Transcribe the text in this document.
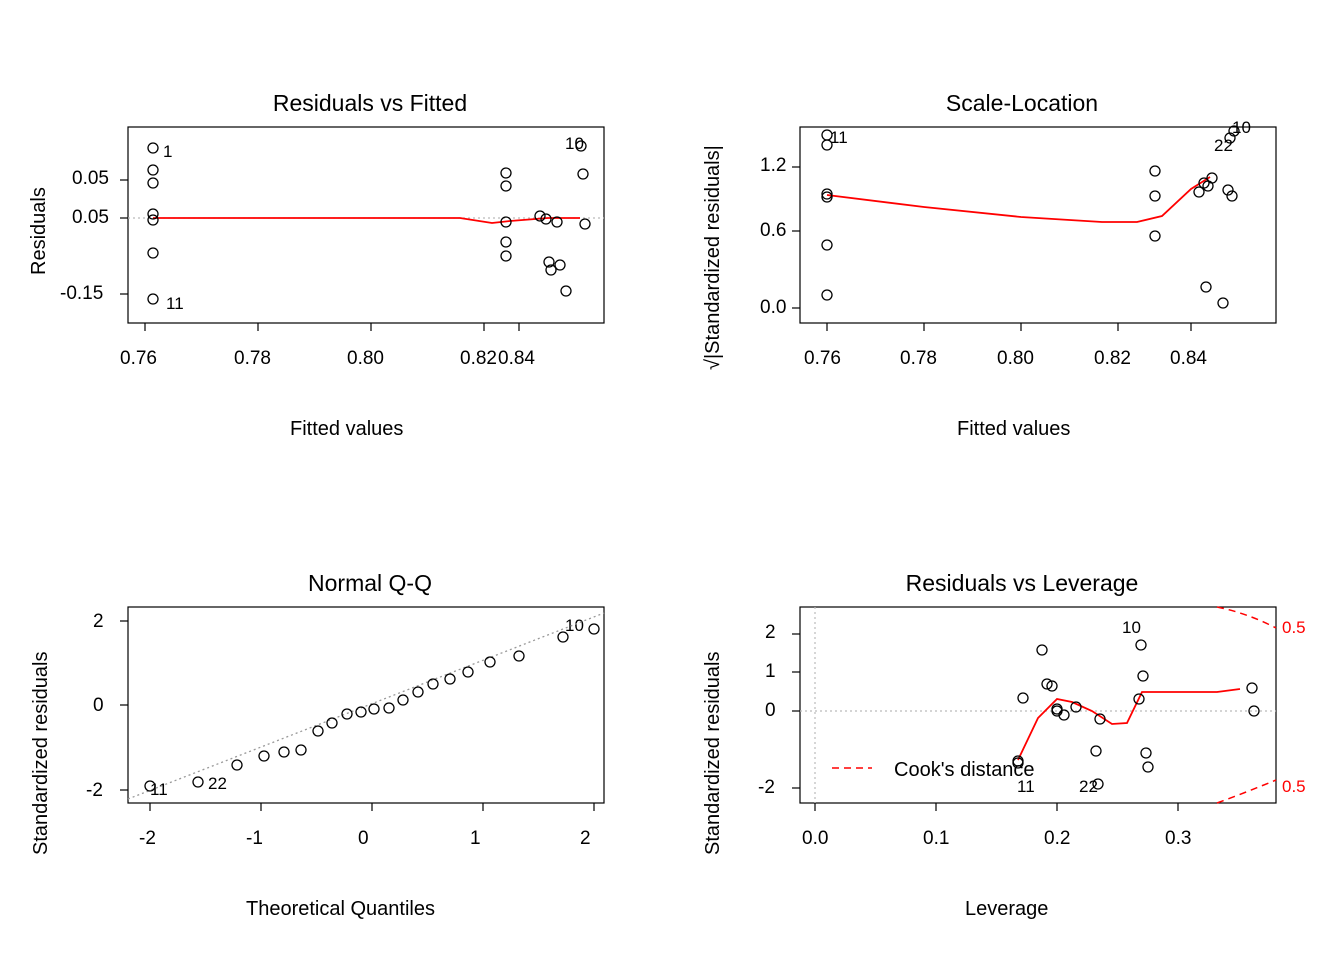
Residuals vs Fitted
Fitted values
Residuals
-0.15
0.05
0.05
0.76	0.78	0.80	0.82 0.84
1	10
11
Scale-Location
Fitted values
√|Standardized residuals| 0.0
0.6
1.2
0.76	0.78	0.80	0.82 0.84
11
10
22
Normal Q-Q
Theoretical Quantiles
Standardized residuals -2
0
2
-2	-1	0	1	2
11 22
10
Residuals vs Leverage
Leverage
Standardized residuals -2
0
1
2
0.0	0.1	0.2	0.3
10
11	22
Cook's distance
0.5
0.5
